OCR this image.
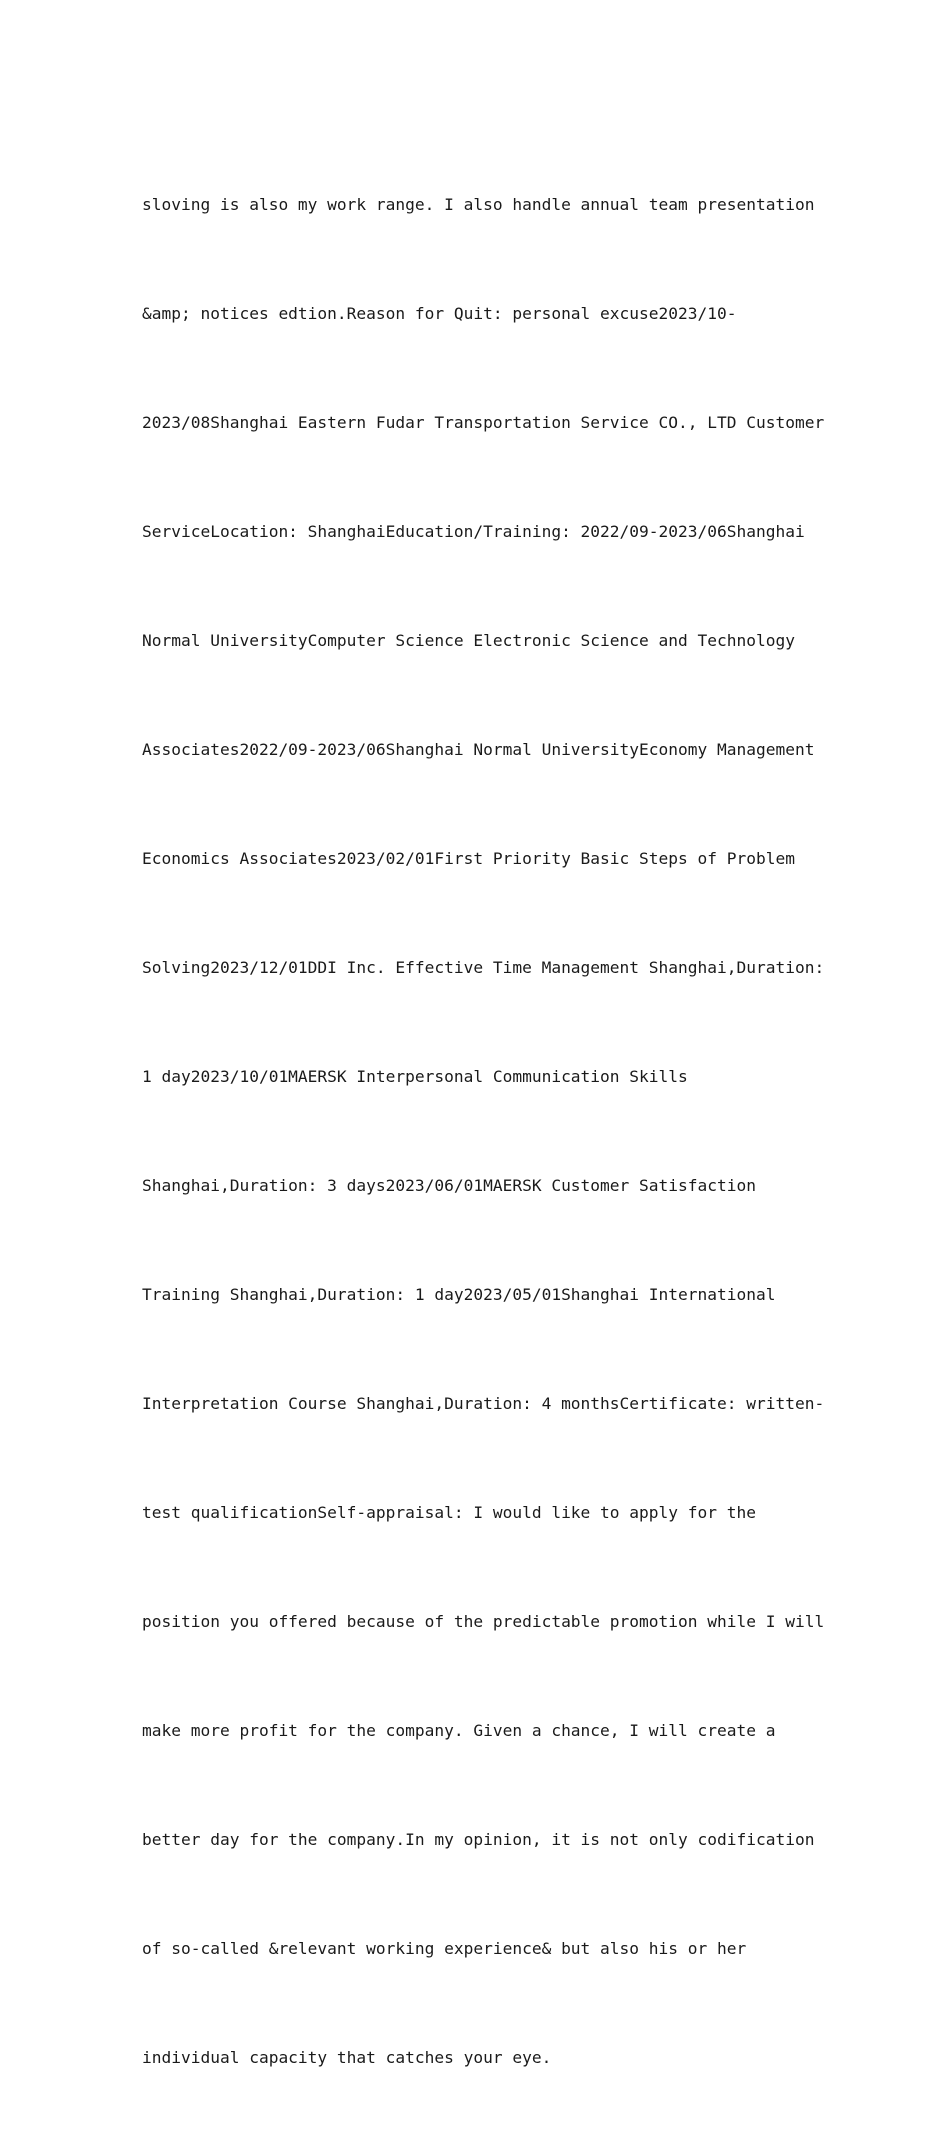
sloving is also my work range. I also handle annual team presentation

&amp; notices edtion.Reason for Quit: personal excuse2023/10-

2023/08Shanghai Eastern Fudar Transportation Service CO., LTD Customer

ServiceLocation: ShanghaiEducation/Training: 2022/09-2023/06Shanghai

Normal UniversityComputer Science Electronic Science and Technology

Associates2022/09-2023/06Shanghai Normal UniversityEconomy Management

Economics Associates2023/02/01First Priority Basic Steps of Problem

Solving2023/12/01DDI Inc. Effective Time Management Shanghai,Duration:

1 day2023/10/01MAERSK Interpersonal Communication Skills

Shanghai,Duration: 3 days2023/06/01MAERSK Customer Satisfaction

Training Shanghai,Duration: 1 day2023/05/01Shanghai International

Interpretation Course Shanghai,Duration: 4 monthsCertificate: written-

test qualificationSelf-appraisal: I would like to apply for the

position you offered because of the predictable promotion while I will

make more profit for the company. Given a chance, I will create a

better day for the company.In my opinion, it is not only codification

of so-called &relevant working experience& but also his or her

individual capacity that catches your eye.
